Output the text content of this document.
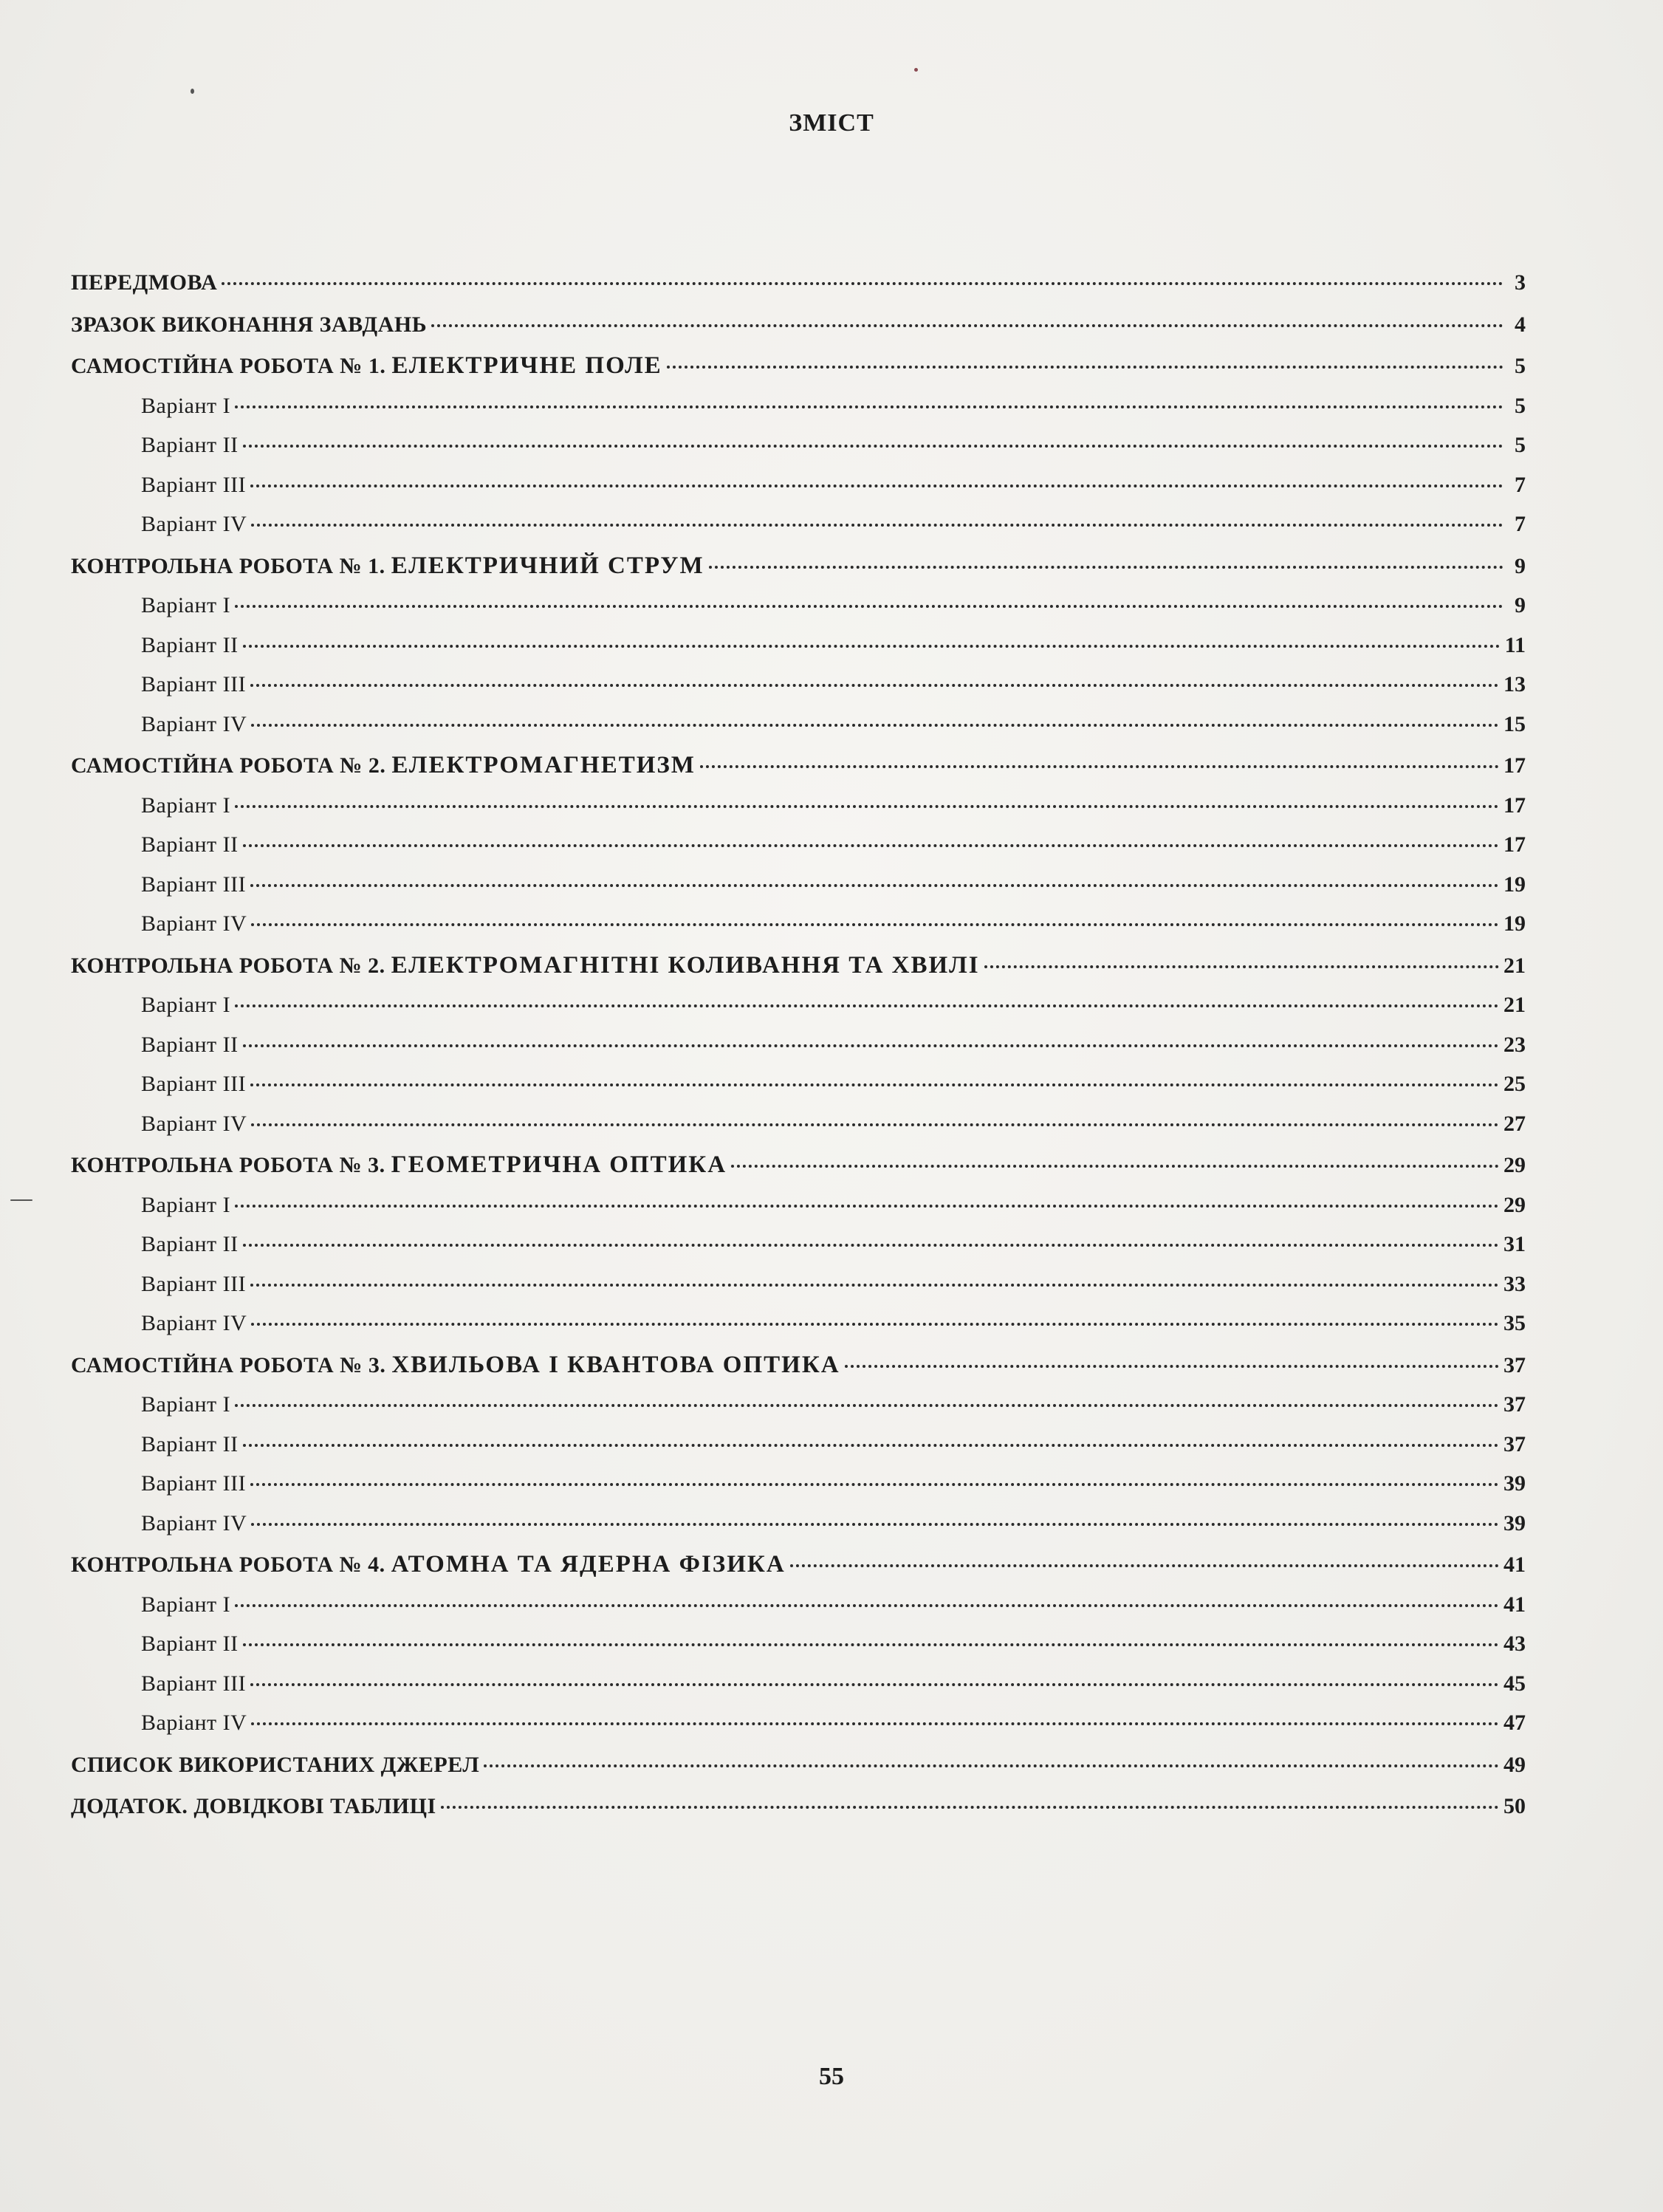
ЗМІСТ
ПЕРЕДМОВА	3
ЗРАЗОК ВИКОНАННЯ ЗАВДАНЬ	4
САМОСТІЙНА РОБОТА № 1. ЕЛЕКТРИЧНЕ ПОЛЕ	5
Варіант I	5
Варіант II	5
Варіант III	7
Варіант IV	7
КОНТРОЛЬНА РОБОТА № 1. ЕЛЕКТРИЧНИЙ СТРУМ	9
Варіант I	9
Варіант II	11
Варіант III	13
Варіант IV	15
САМОСТІЙНА РОБОТА № 2. ЕЛЕКТРОМАГНЕТИЗМ	17
Варіант I	17
Варіант II	17
Варіант III	19
Варіант IV	19
КОНТРОЛЬНА РОБОТА № 2. ЕЛЕКТРОМАГНІТНІ КОЛИВАННЯ ТА ХВИЛІ	21
Варіант I	21
Варіант II	23
Варіант III	25
Варіант IV	27
КОНТРОЛЬНА РОБОТА № 3. ГЕОМЕТРИЧНА ОПТИКА	29
Варіант I	29
Варіант II	31
Варіант III	33
Варіант IV	35
САМОСТІЙНА РОБОТА № 3. ХВИЛЬОВА І КВАНТОВА ОПТИКА	37
Варіант I	37
Варіант II	37
Варіант III	39
Варіант IV	39
КОНТРОЛЬНА РОБОТА № 4. АТОМНА ТА ЯДЕРНА ФІЗИКА	41
Варіант I	41
Варіант II	43
Варіант III	45
Варіант IV	47
СПИСОК ВИКОРИСТАНИХ ДЖЕРЕЛ	49
ДОДАТОК. ДОВІДКОВІ ТАБЛИЦІ	50
55
